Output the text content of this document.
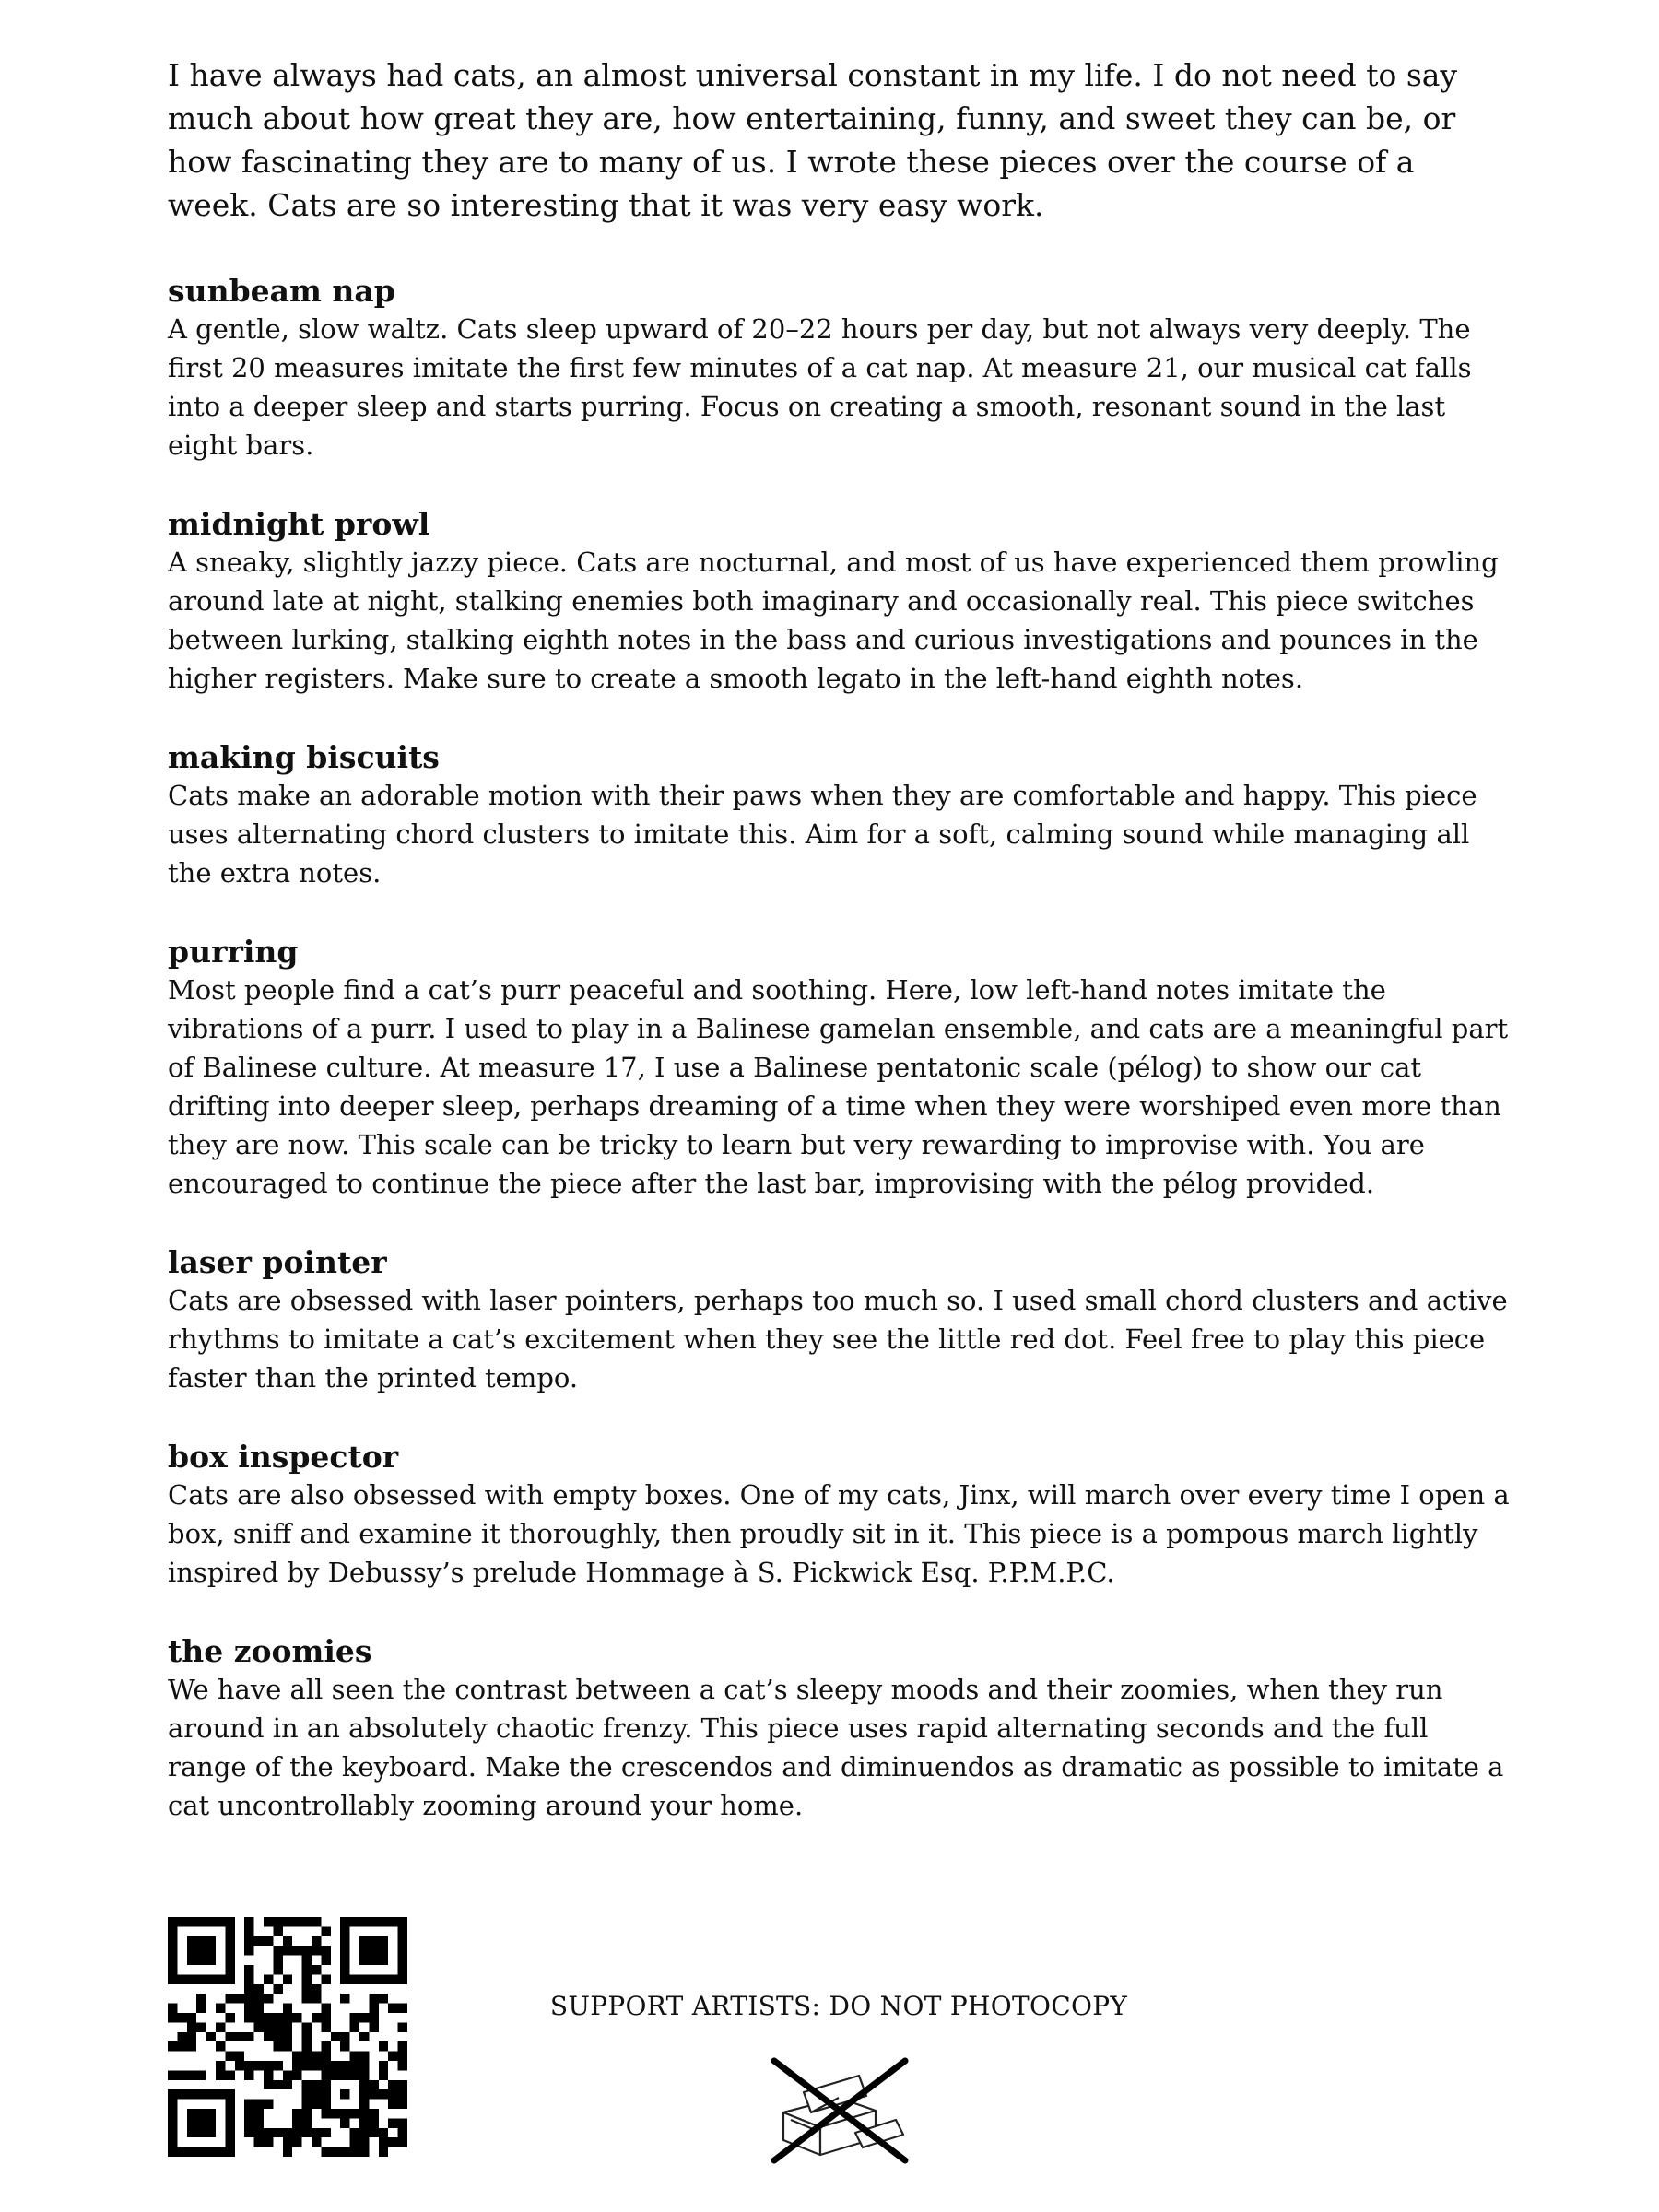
I have always had cats, an almost universal constant in my life. I do not need to say much about how great they are, how entertaining, funny, and sweet they can be, or how fascinating they are to many of us. I wrote these pieces over the course of a week. Cats are so interesting that it was very easy work.

sunbeam nap

A gentle, slow waltz. Cats sleep upward of 20–22 hours per day, but not always very deeply. The first 20 measures imitate the first few minutes of a cat nap. At measure 21, our musical cat falls into a deeper sleep and starts purring. Focus on creating a smooth, resonant sound in the last eight bars.

midnight prowl

A sneaky, slightly jazzy piece. Cats are nocturnal, and most of us have experienced them prowling around late at night, stalking enemies both imaginary and occasionally real. This piece switches between lurking, stalking eighth notes in the bass and curious investigations and pounces in the higher registers. Make sure to create a smooth legato in the left-hand eighth notes.

making biscuits

Cats make an adorable motion with their paws when they are comfortable and happy. This piece uses alternating chord clusters to imitate this. Aim for a soft, calming sound while managing all the extra notes.

purring

Most people find a cat’s purr peaceful and soothing. Here, low left-hand notes imitate the vibrations of a purr. I used to play in a Balinese gamelan ensemble, and cats are a meaningful part of Balinese culture. At measure 17, I use a Balinese pentatonic scale (pélog) to show our cat drifting into deeper sleep, perhaps dreaming of a time when they were worshiped even more than they are now. This scale can be tricky to learn but very rewarding to improvise with. You are encouraged to continue the piece after the last bar, improvising with the pélog provided.

laser pointer

Cats are obsessed with laser pointers, perhaps too much so. I used small chord clusters and active rhythms to imitate a cat’s excitement when they see the little red dot. Feel free to play this piece faster than the printed tempo.

box inspector

Cats are also obsessed with empty boxes. One of my cats, Jinx, will march over every time I open a box, sniff and examine it thoroughly, then proudly sit in it. This piece is a pompous march lightly inspired by Debussy’s prelude Hommage à S. Pickwick Esq. P.P.M.P.C.

the zoomies

We have all seen the contrast between a cat’s sleepy moods and their zoomies, when they run around in an absolutely chaotic frenzy. This piece uses rapid alternating seconds and the full range of the keyboard. Make the crescendos and diminuendos as dramatic as possible to imitate a cat uncontrollably zooming around your home.

SUPPORT ARTISTS: DO NOT PHOTOCOPY
